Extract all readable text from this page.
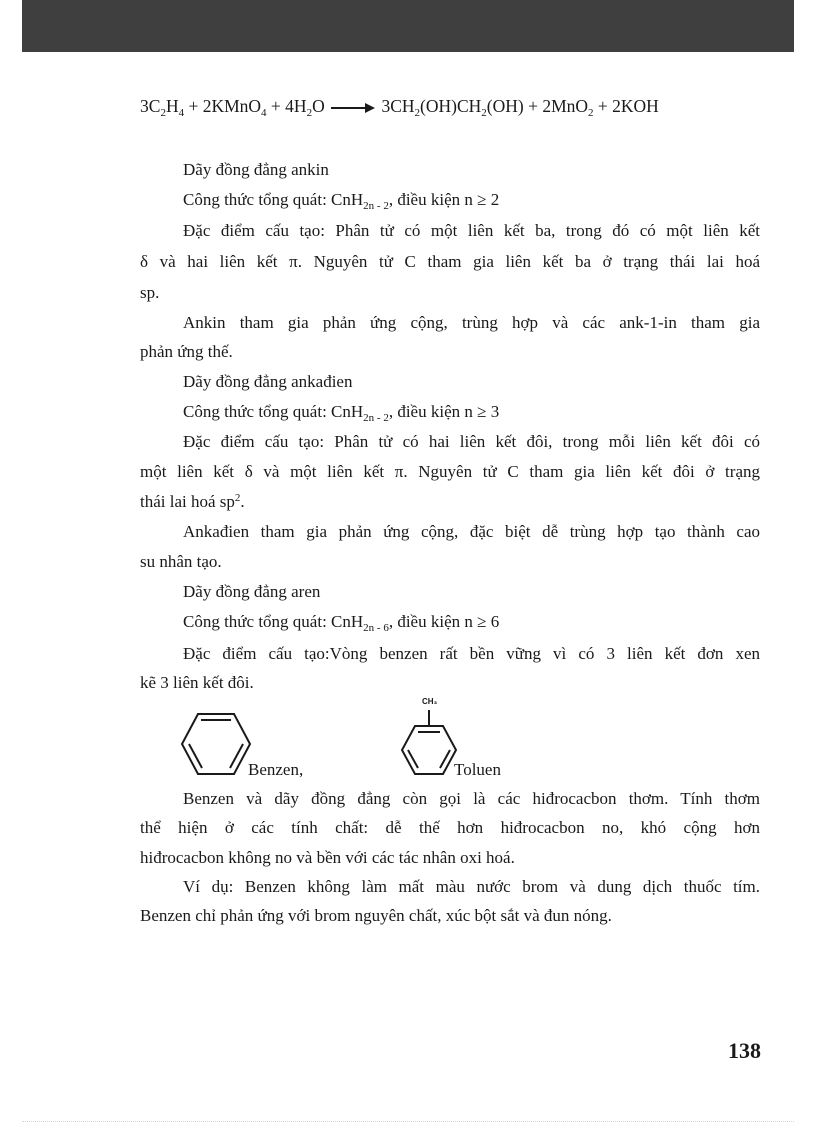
$3C_2H_4$ + 2KMnO$_4$ + $4H_2O \to 3CH_2(OH)CH_2(OH) + 2MnO_2 + 2KOH$
Dãy đồng đẳng ankin
Công thức tổng quát: CnH$_{2n - 2}$, điều kiện n ≥ 2
Đặc điểm cấu tạo: Phân tử có một liên kết ba, trong đó có một liên kết
δ và hai liên kết π. Nguyên tử C tham gia liên kết ba ở trạng thái lai hoá
sp.
Ankin tham gia phản ứng cộng, trùng hợp và các ank-1-in tham gia
phản ứng thế.
Dãy đồng đẳng ankađien
Công thức tổng quát: CnH$_{2n - 2}$, điều kiện n ≥ 3
Đặc điểm cấu tạo: Phân tử có hai liên kết đôi, trong mỗi liên kết đôi có
một liên kết δ và một liên kết π. Nguyên tử C tham gia liên kết đôi ở trạng
thái lai hoá $sp^2$.
Ankađien tham gia phản ứng cộng, đặc biệt dễ trùng hợp tạo thành cao
su nhân tạo.
Dãy đồng đẳng aren
Công thức tổng quát: CnH$_{2n - 6}$, điều kiện n ≥ 6
Đặc điểm cấu tạo:Vòng benzen rất bền vững vì có 3 liên kết đơn xen
kẽ 3 liên kết đôi.
Benzen,
CH₃
Toluen
Benzen và dãy đồng đẳng còn gọi là các hiđrocacbon thơm. Tính thơm
thể hiện ở các tính chất: dễ thế hơn hiđrocacbon no, khó cộng hơn
hiđrocacbon không no và bền với các tác nhân oxi hoá.
Ví dụ: Benzen không làm mất màu nước brom và dung dịch thuốc tím.
Benzen chỉ phản ứng với brom nguyên chất, xúc bột sắt và đun nóng.
138
